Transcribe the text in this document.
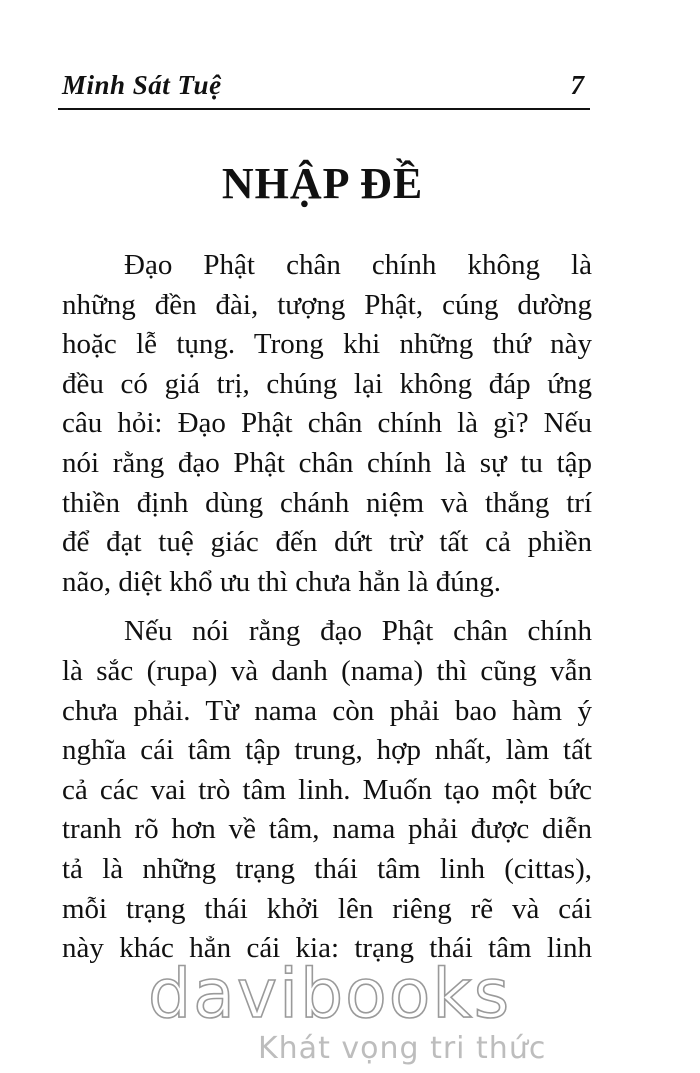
Minh Sát Tuệ	7
NHẬP ĐỀ

Đạo Phật chân chính không là
những đền đài, tượng Phật, cúng dường
hoặc lễ tụng. Trong khi những thứ này
đều có giá trị, chúng lại không đáp ứng
câu hỏi: Đạo Phật chân chính là gì? Nếu
nói rằng đạo Phật chân chính là sự tu tập
thiền định dùng chánh niệm và thắng trí
để đạt tuệ giác đến dứt trừ tất cả phiền
não, diệt khổ ưu thì chưa hẳn là đúng.

Nếu nói rằng đạo Phật chân chính
là sắc (rupa) và danh (nama) thì cũng vẫn
chưa phải. Từ nama còn phải bao hàm ý
nghĩa cái tâm tập trung, hợp nhất, làm tất
cả các vai trò tâm linh. Muốn tạo một bức
tranh rõ hơn về tâm, nama phải được diễn
tả là những trạng thái tâm linh (cittas),
mỗi trạng thái khởi lên riêng rẽ và cái
này khác hẳn cái kia: trạng thái tâm linh

davibooks
Khát vọng tri thức
